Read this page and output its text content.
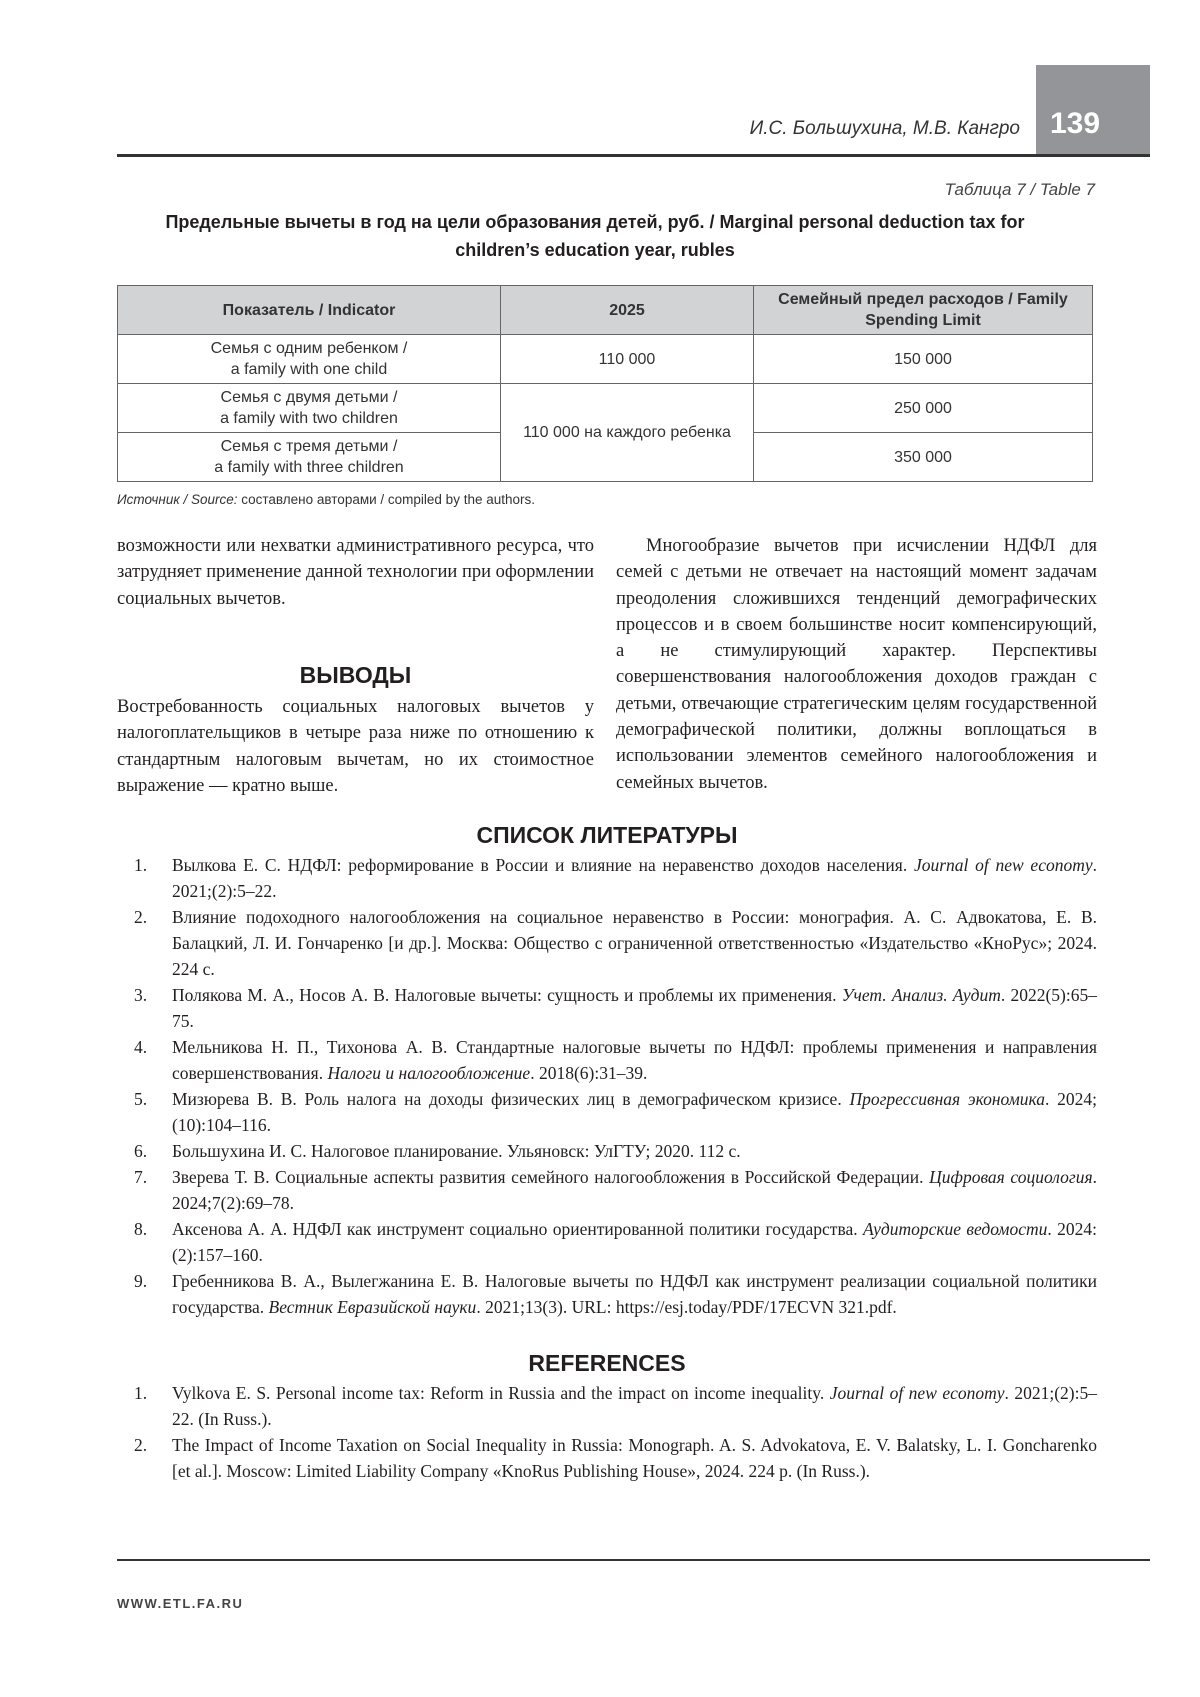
И.С. Большухина, М.В. Кангро 139
Таблица 7 / Table 7
Предельные вычеты в год на цели образования детей, руб. / Marginal personal deduction tax for children’s education year, rubles
Показатель / Indicator	2025	Семейный предел расходов / Family Spending Limit
Семья с одним ребенком /
a family with one child	110 000	150 000
Семья с двумя детьми /
a family with two children	110 000 на каждого ребенка	250 000
Семья с тремя детьми /
a family with three children		350 000
Источник / Source: составлено авторами / compiled by the authors.
возможности или нехватки административного ресурса, что затрудняет применение данной технологии при оформлении социальных вычетов.
ВЫВОДЫ
Востребованность социальных налоговых вычетов у налогоплательщиков в четыре раза ниже по отношению к стандартным налоговым вычетам, но их стоимостное выражение — кратно выше.
Многообразие вычетов при исчислении НДФЛ для семей с детьми не отвечает на настоящий момент задачам преодоления сложившихся тенденций демографических процессов и в своем большинстве носит компенсирующий, а не стимулирующий характер. Перспективы совершенствования налогообложения доходов граждан с детьми, отвечающие стратегическим целям государственной демографической политики, должны воплощаться в использовании элементов семейного налогообложения и семейных вычетов.
СПИСОК ЛИТЕРАТУРЫ
1.	Вылкова Е. С. НДФЛ: реформирование в России и влияние на неравенство доходов населения. Journal of new economy. 2021;(2):5–22.
2.	Влияние подоходного налогообложения на социальное неравенство в России: монография. А. С. Адвокатова, Е. В. Балацкий, Л. И. Гончаренко [и др.]. Москва: Общество с ограниченной ответственностью «Издательство «КноРус»; 2024. 224 с.
3.	Полякова М. А., Носов А. В. Налоговые вычеты: сущность и проблемы их применения. Учет. Анализ. Аудит. 2022(5):65–75.
4.	Мельникова Н. П., Тихонова А. В. Стандартные налоговые вычеты по НДФЛ: проблемы применения и направления совершенствования. Налоги и налогообложение. 2018(6):31–39.
5.	Мизюрева В. В. Роль налога на доходы физических лиц в демографическом кризисе. Прогрессивная экономика. 2024;(10):104–116.
6.	Большухина И. С. Налоговое планирование. Ульяновск: УлГТУ; 2020. 112 с.
7.	Зверева Т. В. Социальные аспекты развития семейного налогообложения в Российской Федерации. Цифровая социология. 2024;7(2):69–78.
8.	Аксенова А. А. НДФЛ как инструмент социально ориентированной политики государства. Аудиторские ведомости. 2024:(2):157–160.
9.	Гребенникова В. А., Вылегжанина Е. В. Налоговые вычеты по НДФЛ как инструмент реализации социальной политики государства. Вестник Евразийской науки. 2021;13(3). URL: https://esj.today/PDF/17ECVN 321.pdf.
REFERENCES
1.	Vylkova E. S. Personal income tax: Reform in Russia and the impact on income inequality. Journal of new economy. 2021;(2):5–22. (In Russ.).
2.	The Impact of Income Taxation on Social Inequality in Russia: Monograph. A. S. Advokatova, E. V. Balatsky, L. I. Goncharenko [et al.]. Moscow: Limited Liability Company «KnoRus Publishing House», 2024. 224 p. (In Russ.).
WWW.ETL.FA.RU
